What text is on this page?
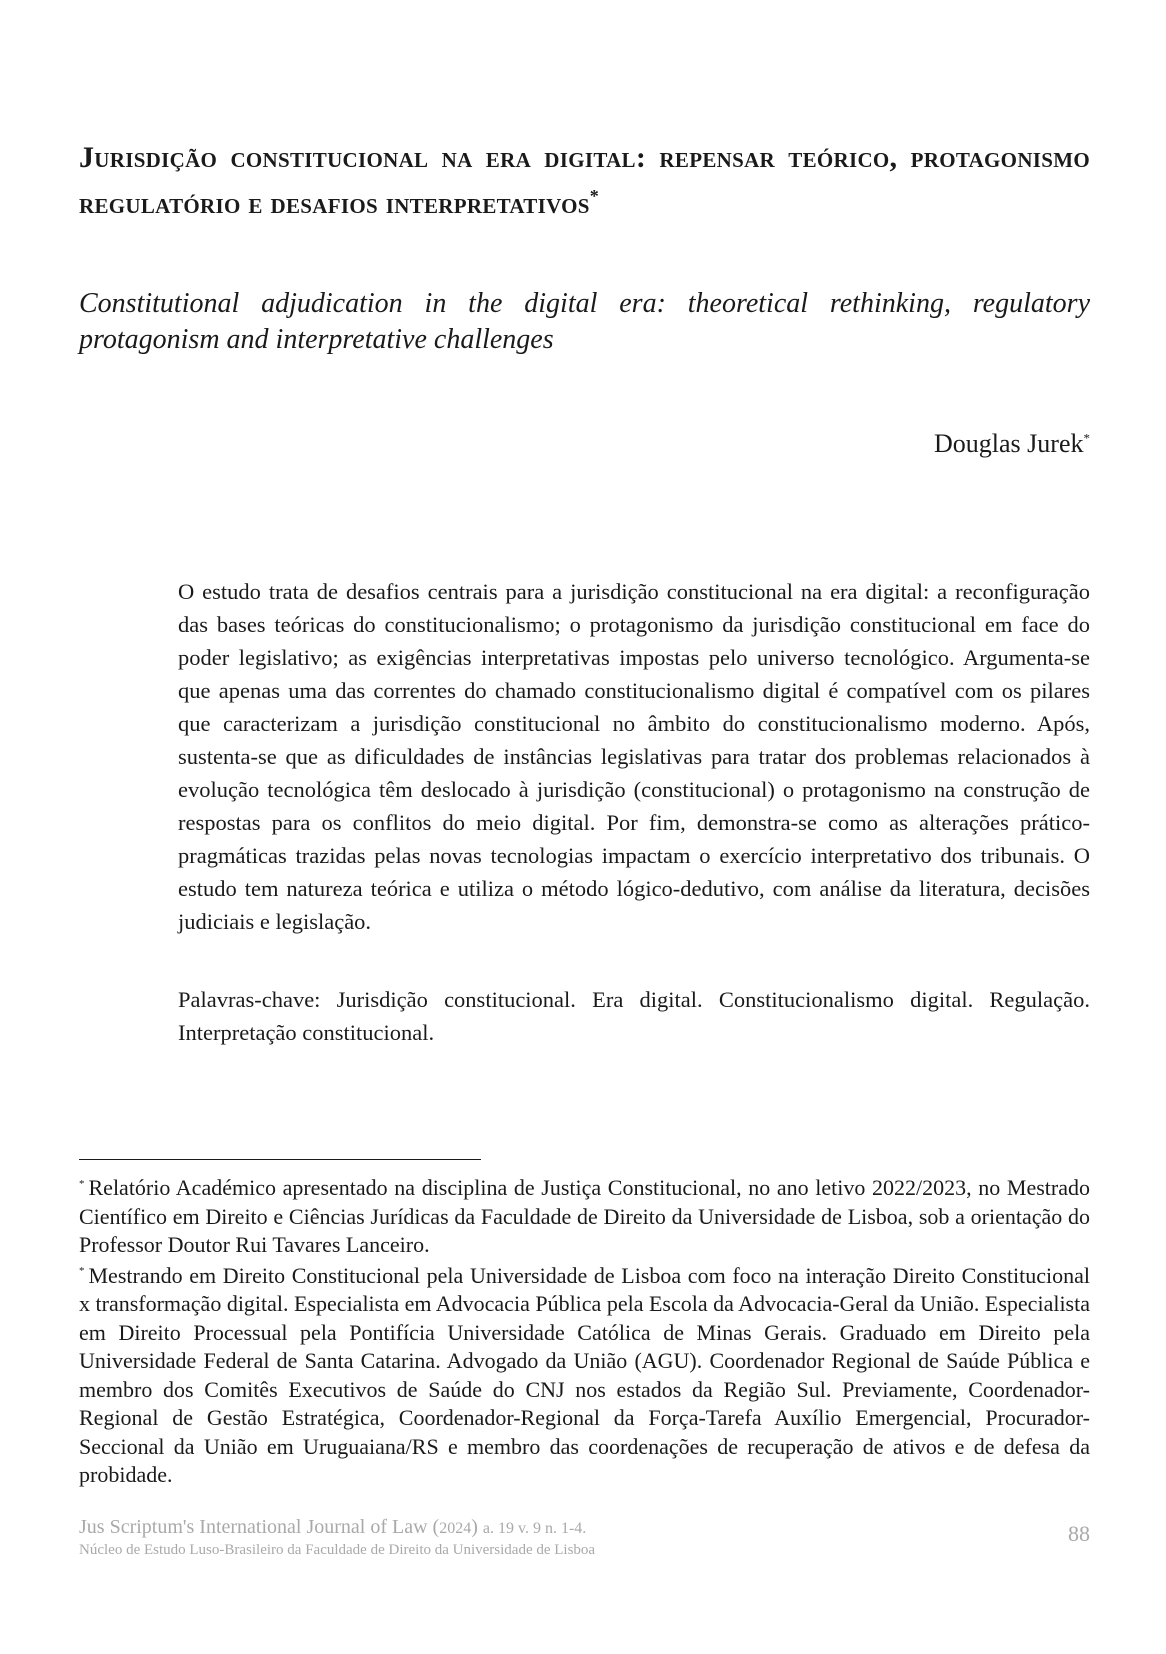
Jurisdição constitucional na era digital: repensar teórico, protagonismo regulatório e desafios interpretativos*

Constitutional adjudication in the digital era: theoretical rethinking, regulatory protagonism and interpretative challenges

Douglas Jurek*

O estudo trata de desafios centrais para a jurisdição constitucional na era digital: a reconfiguração das bases teóricas do constitucionalismo; o protagonismo da jurisdição constitucional em face do poder legislativo; as exigências interpretativas impostas pelo universo tecnológico. Argumenta-se que apenas uma das correntes do chamado constitucionalismo digital é compatível com os pilares que caracterizam a jurisdição constitucional no âmbito do constitucionalismo moderno. Após, sustenta-se que as dificuldades de instâncias legislativas para tratar dos problemas relacionados à evolução tecnológica têm deslocado à jurisdição (constitucional) o protagonismo na construção de respostas para os conflitos do meio digital. Por fim, demonstra-se como as alterações prático-pragmáticas trazidas pelas novas tecnologias impactam o exercício interpretativo dos tribunais. O estudo tem natureza teórica e utiliza o método lógico-dedutivo, com análise da literatura, decisões judiciais e legislação.

Palavras-chave: Jurisdição constitucional. Era digital. Constitucionalismo digital. Regulação. Interpretação constitucional.

* Relatório Académico apresentado na disciplina de Justiça Constitucional, no ano letivo 2022/2023, no Mestrado Científico em Direito e Ciências Jurídicas da Faculdade de Direito da Universidade de Lisboa, sob a orientação do Professor Doutor Rui Tavares Lanceiro.

* Mestrando em Direito Constitucional pela Universidade de Lisboa com foco na interação Direito Constitucional x transformação digital. Especialista em Advocacia Pública pela Escola da Advocacia-Geral da União. Especialista em Direito Processual pela Pontifícia Universidade Católica de Minas Gerais. Graduado em Direito pela Universidade Federal de Santa Catarina. Advogado da União (AGU). Coordenador Regional de Saúde Pública e membro dos Comitês Executivos de Saúde do CNJ nos estados da Região Sul. Previamente, Coordenador-Regional de Gestão Estratégica, Coordenador-Regional da Força-Tarefa Auxílio Emergencial, Procurador-Seccional da União em Uruguaiana/RS e membro das coordenações de recuperação de ativos e de defesa da probidade.

Jus Scriptum's International Journal of Law (2024) a. 19 v. 9 n. 1-4.
Núcleo de Estudo Luso-Brasileiro da Faculdade de Direito da Universidade de Lisboa
88
